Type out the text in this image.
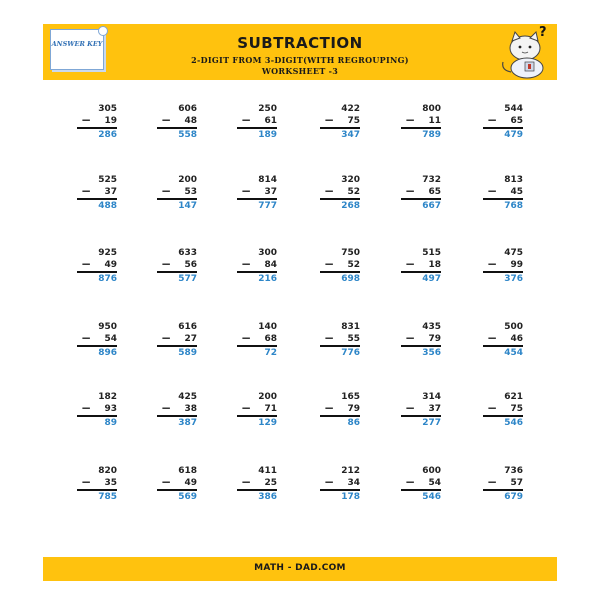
ANSWER KEY	SUBTRACTION
2-DIGIT FROM 3-DIGIT(WITH REGROUPING)
WORKSHEET -3
?
305
− 19
286
606
− 48
558
250
− 61
189
422
− 75
347
800
− 11
789
544
− 65
479
525
− 37
488
200
− 53
147
814
− 37
777
320
− 52
268
732
− 65
667
813
− 45
768
925
− 49
876
633
− 56
577
300
− 84
216
750
− 52
698
515
− 18
497
475
− 99
376
950
− 54
896
616
− 27
589
140
− 68
72
831
− 55
776
435
− 79
356
500
− 46
454
182
− 93
89
425
− 38
387
200
− 71
129
165
− 79
86
314
− 37
277
621
− 75
546
820
− 35
785
618
− 49
569
411
− 25
386
212
− 34
178
600
− 54
546
736
− 57
679
MATH - DAD.COM
